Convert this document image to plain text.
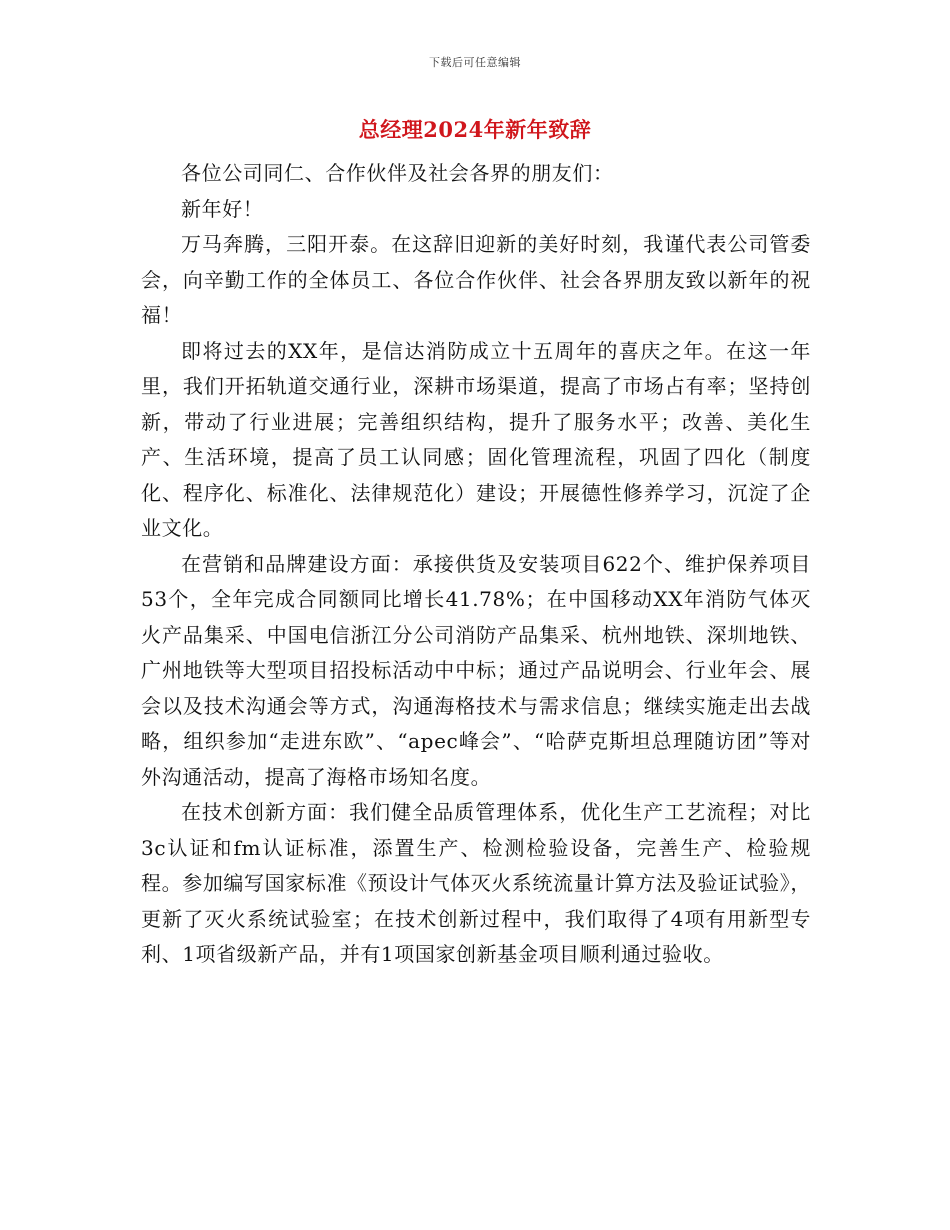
下载后可任意编辑
总经理2024年新年致辞

各位公司同仁、合作伙伴及社会各界的朋友们：

新年好！

万马奔腾，三阳开泰。在这辞旧迎新的美好时刻，我谨代表公司管委会，向辛勤工作的全体员工、各位合作伙伴、社会各界朋友致以新年的祝福！

即将过去的XX年，是信达消防成立十五周年的喜庆之年。在这一年里，我们开拓轨道交通行业，深耕市场渠道，提高了市场占有率；坚持创新，带动了行业进展；完善组织结构，提升了服务水平；改善、美化生产、生活环境，提高了员工认同感；固化管理流程，巩固了四化（制度化、程序化、标准化、法律规范化）建设；开展德性修养学习，沉淀了企业文化。

在营销和品牌建设方面：承接供货及安装项目622个、维护保养项目53个，全年完成合同额同比增长41.78%；在中国移动XX年消防气体灭火产品集采、中国电信浙江分公司消防产品集采、杭州地铁、深圳地铁、广州地铁等大型项目招投标活动中中标；通过产品说明会、行业年会、展会以及技术沟通会等方式，沟通海格技术与需求信息；继续实施走出去战略，组织参加“走进东欧”、“apec峰会”、“哈萨克斯坦总理随访团”等对外沟通活动，提高了海格市场知名度。

在技术创新方面：我们健全品质管理体系，优化生产工艺流程；对比3c认证和fm认证标准，添置生产、检测检验设备，完善生产、检验规程。参加编写国家标准《预设计气体灭火系统流量计算方法及验证试验》，更新了灭火系统试验室；在技术创新过程中，我们取得了4项有用新型专利、1项省级新产品，并有1项国家创新基金项目顺利通过验收。
